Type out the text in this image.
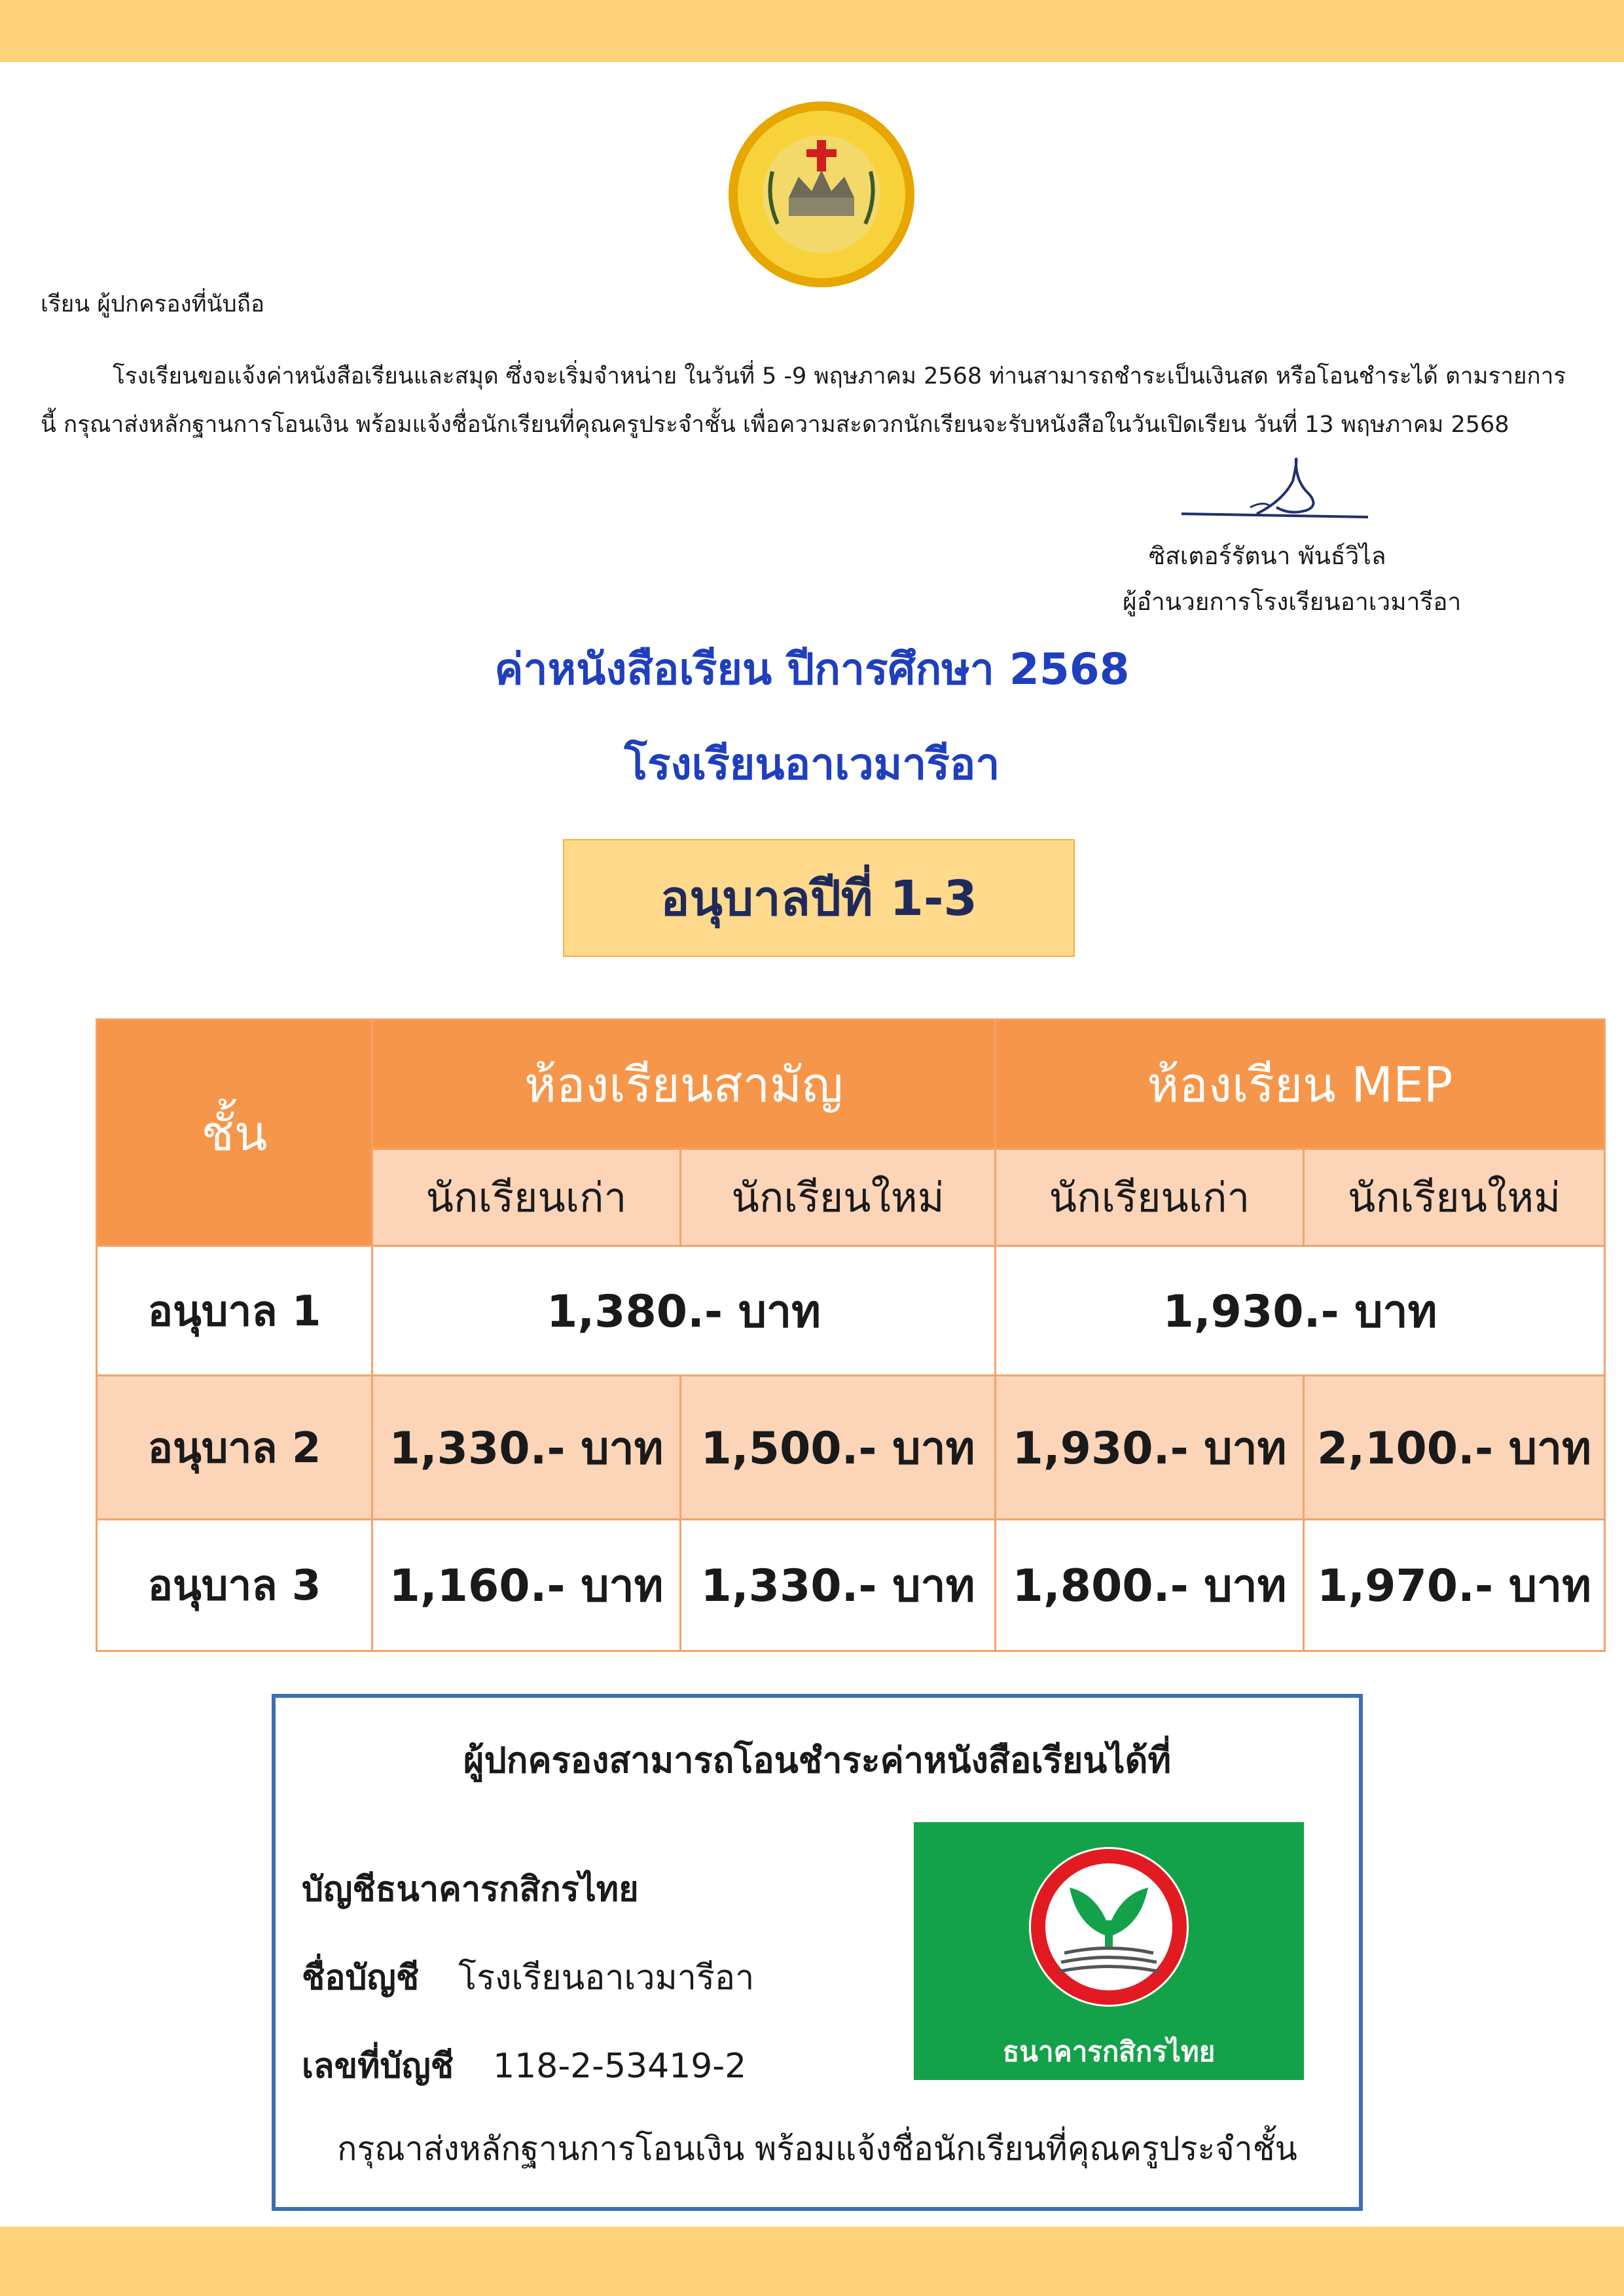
เรียน ผู้ปกครองที่นับถือ
โรงเรียนขอแจ้งค่าหนังสือเรียนและสมุด ซึ่งจะเริ่มจำหน่าย ในวันที่ 5 -9 พฤษภาคม 2568 ท่านสามารถชำระเป็นเงินสด หรือโอนชำระได้ ตามรายการนี้ กรุณาส่งหลักฐานการโอนเงิน พร้อมแจ้งชื่อนักเรียนที่คุณครูประจำชั้น เพื่อความสะดวกนักเรียนจะรับหนังสือในวันเปิดเรียน วันที่ 13 พฤษภาคม 2568
ซิสเตอร์รัตนา พันธ์วิไล
ผู้อำนวยการโรงเรียนอาเวมารีอา
ค่าหนังสือเรียน ปีการศึกษา 2568
โรงเรียนอาเวมารีอา
อนุบาลปีที่ 1-3
ชั้น	ห้องเรียนสามัญ		ห้องเรียน MEP	
	นักเรียนเก่า	นักเรียนใหม่	นักเรียนเก่า	นักเรียนใหม่
อนุบาล 1	1,380.- บาท		1,930.- บาท	
อนุบาล 2	1,330.- บาท	1,500.- บาท	1,930.- บาท	2,100.- บาท
อนุบาล 3	1,160.- บาท	1,330.- บาท	1,800.- บาท	1,970.- บาท
ผู้ปกครองสามารถโอนชำระค่าหนังสือเรียนได้ที่
บัญชีธนาคารกสิกรไทย
ชื่อบัญชี โรงเรียนอาเวมารีอา
เลขที่บัญชี 118-2-53419-2
กรุณาส่งหลักฐานการโอนเงิน พร้อมแจ้งชื่อนักเรียนที่คุณครูประจำชั้น
ธนาคารกสิกรไทย
